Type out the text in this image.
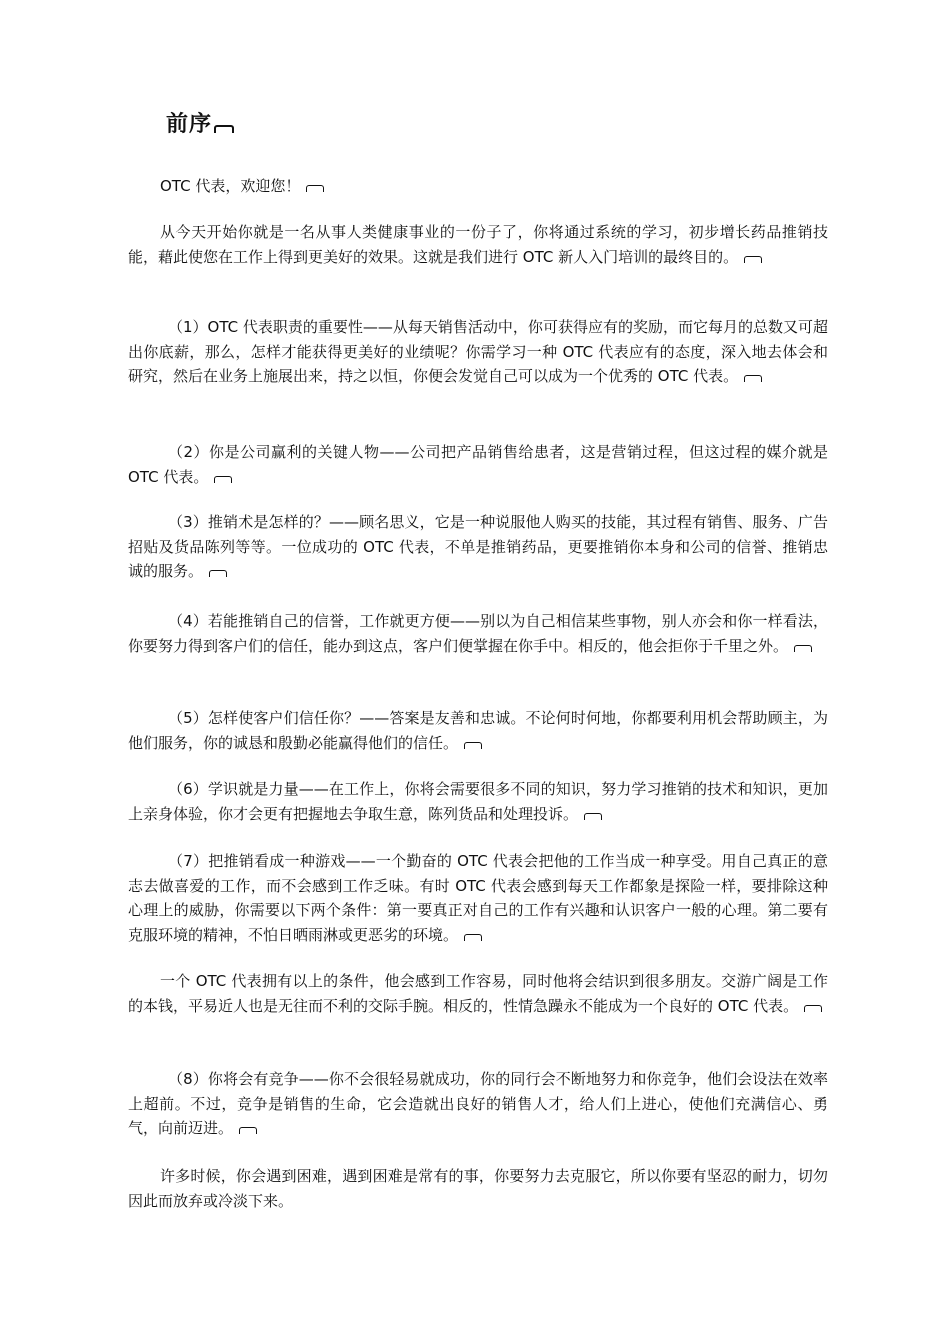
前序

OTC 代表，欢迎您！

从今天开始你就是一名从事人类健康事业的一份子了，你将通过系统的学习，初步增长药品推销技能，藉此使您在工作上得到更美好的效果。这就是我们进行 OTC 新人入门培训的最终目的。

（1）OTC 代表职责的重要性——从每天销售活动中，你可获得应有的奖励，而它每月的总数又可超出你底薪，那么，怎样才能获得更美好的业绩呢？你需学习一种 OTC 代表应有的态度，深入地去体会和研究，然后在业务上施展出来，持之以恒，你便会发觉自己可以成为一个优秀的 OTC 代表。

（2）你是公司赢利的关键人物——公司把产品销售给患者，这是营销过程，但这过程的媒介就是 OTC 代表。

（3）推销术是怎样的？——顾名思义，它是一种说服他人购买的技能，其过程有销售、服务、广告招贴及货品陈列等等。一位成功的 OTC 代表，不单是推销药品，更要推销你本身和公司的信誉、推销忠诚的服务。

（4）若能推销自己的信誉，工作就更方便——别以为自己相信某些事物，别人亦会和你一样看法，你要努力得到客户们的信任，能办到这点，客户们便掌握在你手中。相反的，他会拒你于千里之外。

（5）怎样使客户们信任你？——答案是友善和忠诚。不论何时何地，你都要利用机会帮助顾主，为他们服务，你的诚恳和殷勤必能赢得他们的信任。

（6）学识就是力量——在工作上，你将会需要很多不同的知识，努力学习推销的技术和知识，更加上亲身体验，你才会更有把握地去争取生意，陈列货品和处理投诉。

（7）把推销看成一种游戏——一个勤奋的 OTC 代表会把他的工作当成一种享受。用自己真正的意志去做喜爱的工作，而不会感到工作乏味。有时 OTC 代表会感到每天工作都象是探险一样，要排除这种心理上的威胁，你需要以下两个条件：第一要真正对自己的工作有兴趣和认识客户一般的心理。第二要有克服环境的精神，不怕日晒雨淋或更恶劣的环境。

一个 OTC 代表拥有以上的条件，他会感到工作容易，同时他将会结识到很多朋友。交游广阔是工作的本钱，平易近人也是无往而不利的交际手腕。相反的，性情急躁永不能成为一个良好的 OTC 代表。

（8）你将会有竞争——你不会很轻易就成功，你的同行会不断地努力和你竞争，他们会设法在效率上超前。不过，竞争是销售的生命，它会造就出良好的销售人才，给人们上进心，使他们充满信心、勇气，向前迈进。

许多时候，你会遇到困难，遇到困难是常有的事，你要努力去克服它，所以你要有坚忍的耐力，切勿因此而放弃或冷淡下来。
